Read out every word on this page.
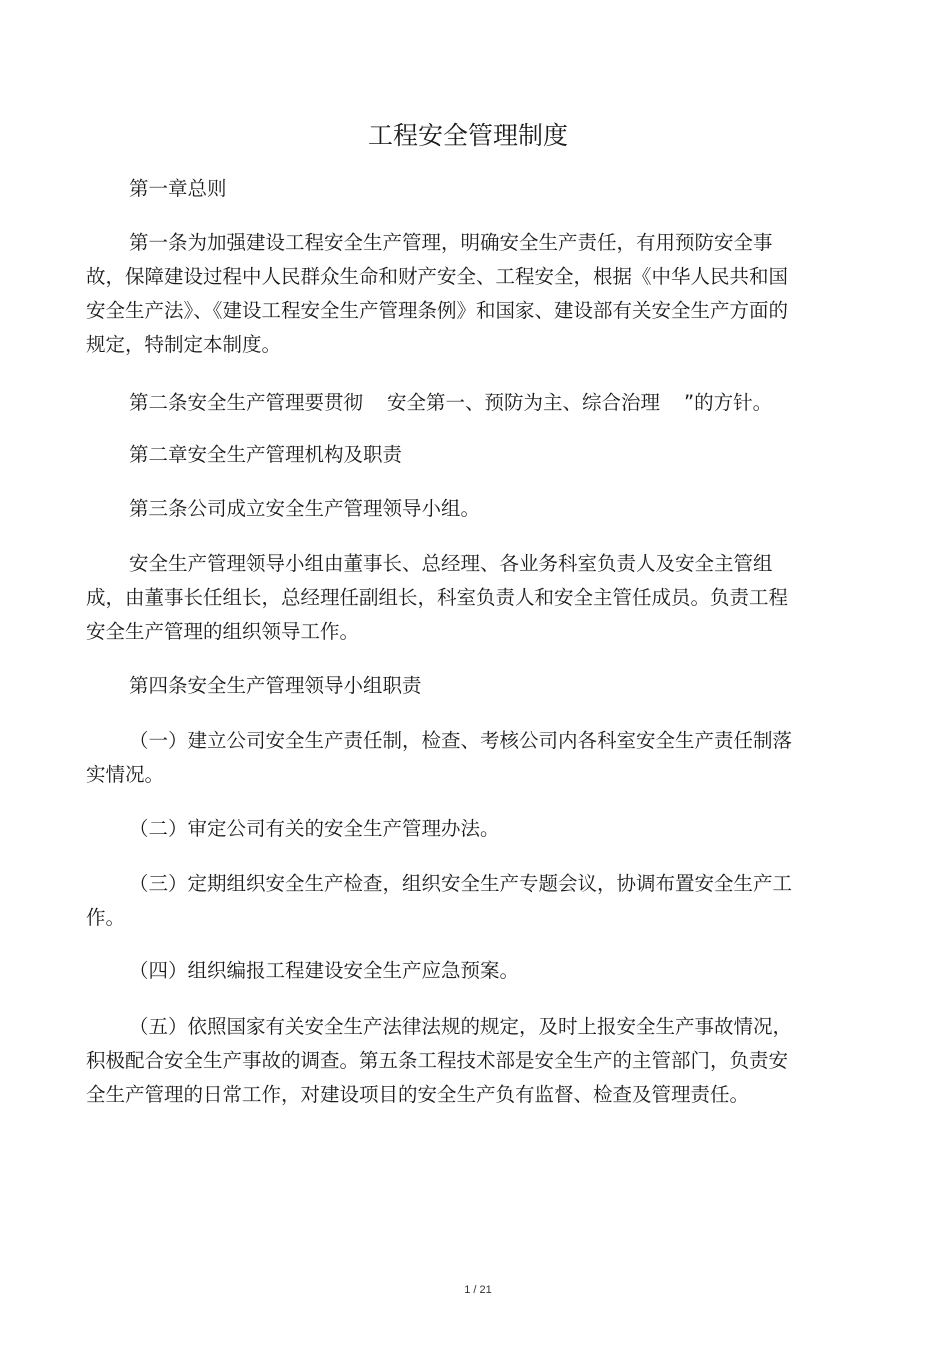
工程安全管理制度

第一章总则

第一条为加强建设工程安全生产管理，明确安全生产责任，有用预防安全事故，保障建设过程中人民群众生命和财产安全、工程安全，根据《中华人民共和国安全生产法》、《建设工程安全生产管理条例》和国家、建设部有关安全生产方面的规定，特制定本制度。

第二条安全生产管理要贯彻 安全第一、预防为主、综合治理 ”的方针。

第二章安全生产管理机构及职责

第三条公司成立安全生产管理领导小组。

安全生产管理领导小组由董事长、总经理、各业务科室负责人及安全主管组成，由董事长任组长，总经理任副组长，科室负责人和安全主管任成员。负责工程安全生产管理的组织领导工作。

第四条安全生产管理领导小组职责

（一）建立公司安全生产责任制，检查、考核公司内各科室安全生产责任制落实情况。

（二）审定公司有关的安全生产管理办法。

（三）定期组织安全生产检查，组织安全生产专题会议，协调布置安全生产工作。

（四）组织编报工程建设安全生产应急预案。

（五）依照国家有关安全生产法律法规的规定，及时上报安全生产事故情况，积极配合安全生产事故的调查。第五条工程技术部是安全生产的主管部门，负责安全生产管理的日常工作，对建设项目的安全生产负有监督、检查及管理责任。

1 / 21
